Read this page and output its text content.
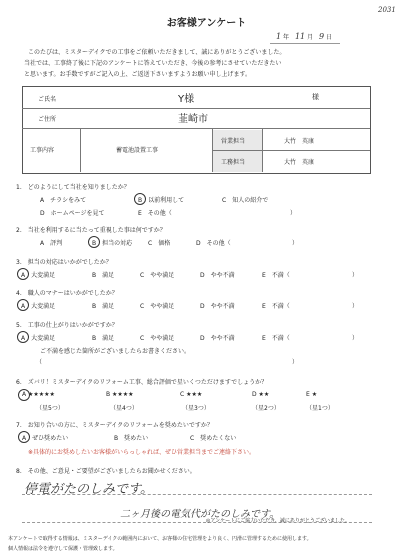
お客様アンケート
2031
1 年 11 月 9 日
このたびは、ミスターデイクでの工事をご依頼いただきまして、誠にありがとうございました。
当社では、工事終了後に下記のアンケートに答えていただき、今後の参考にさせていただきたい
と思います。お手数ですがご記入の上、ご返送下さいますようお願い申し上げます。
ご氏名	Y様	様
ご住所	韮崎市
工事内容	蓄電池設置工事
営業担当	大竹　英康
工務担当	大竹　英康
1.　どのようにして当社を知りましたか？
A　チラシをみて	B　以前利用して	C　知人の紹介で
D　ホームページを見て	E　その他（	）
2.　当社を利用するに当たって重視した事は何ですか？
A　評判	B　担当の対応	C　価格	D　その他（	）
3.　担当の対応はいかがでしたか？
A　大変満足	B　満足	C　やや満足	D　やや不満	E　不満（	）
4.　職人のマナーはいかがでしたか？
A　大変満足	B　満足	C　やや満足	D　やや不満	E　不満（	）
5.　工事の仕上がりはいかがですか？
A　大変満足	B　満足	C　やや満足	D　やや不満	E　不満（	）
ご不満を感じた箇所がございましたらお書きください。
（	）
6.　ズバリ！ミスターデイクのリフォーム工事、総合評価で星いくつただけますでしょうか？
A ★★★★★	B ★★★★	C ★★★	D ★★	E ★
（星5つ）	（星4つ）	（星3つ）	（星2つ）	（星1つ）
7.　お知り合いの方に、ミスターデイクのリフォームを奨めたいですか？
A　ぜひ奨めたい	B　奨めたい	C　奨めたくない
※具体的にお奨めしたいお客様がいらっしゃれば、ぜひ営業担当までご連絡下さい。
8.　その他、ご意見・ご要望がございましたらお聞かせください。
停電がたのしみです。
二ヶ月後の電気代がたのしみです。
◎アンケートにご協力いただき、誠にありがとうございました。
本アンケートで取得する情報は、ミスターデイクの範囲内において、お客様の住宅管理をより良く、円滑に管理するために使用します。
個人情報は法令を遵守して保護・管理致します。
